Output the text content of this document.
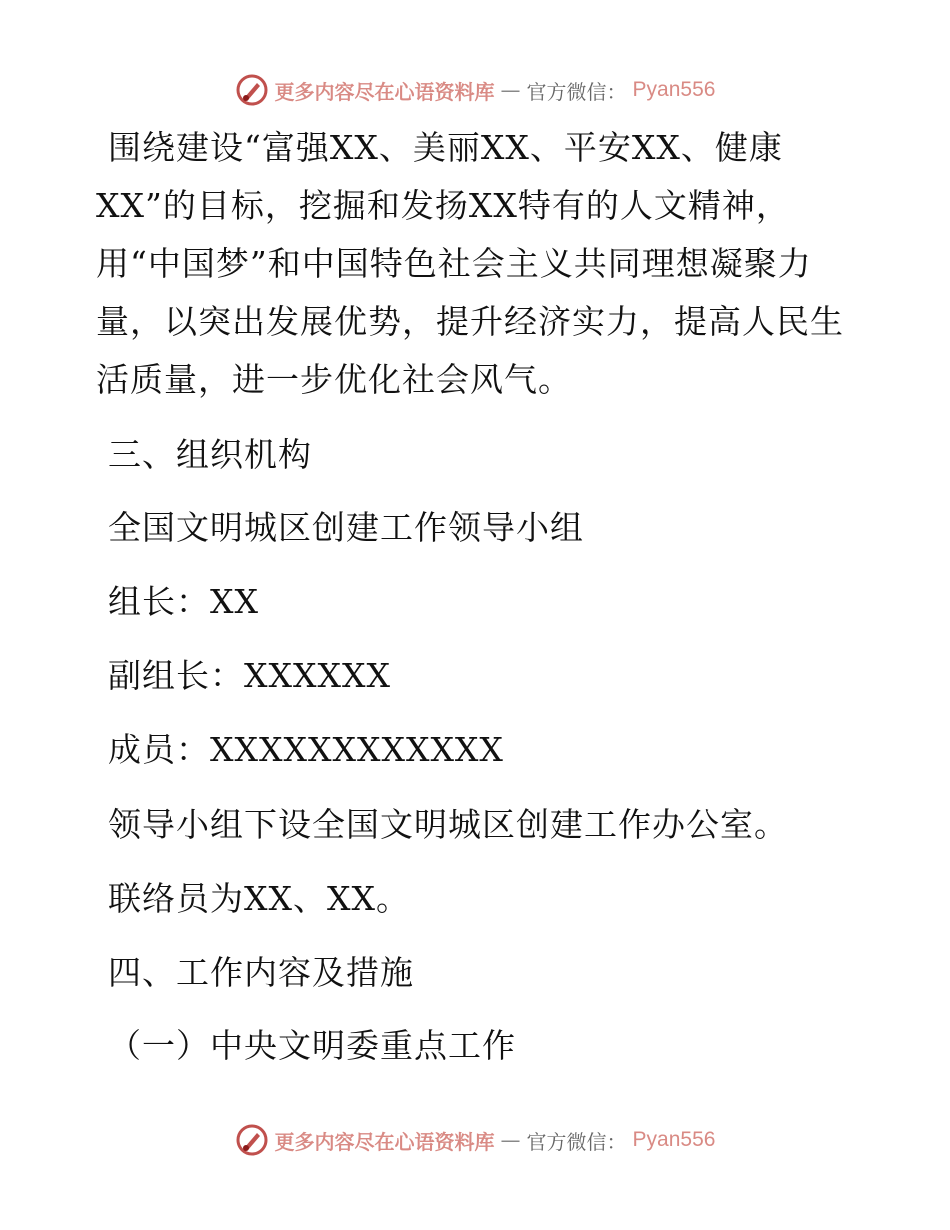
更多内容尽在心语资料库 — 官方微信： Pyan556
围绕建设“富强XX、美丽XX、平安XX、健康
XX”的目标，挖掘和发扬XX特有的人文精神，
用“中国梦”和中国特色社会主义共同理想凝聚力
量，以突出发展优势，提升经济实力，提高人民生
活质量，进一步优化社会风气。
三、组织机构
全国文明城区创建工作领导小组
组长：XX
副组长：XXXXXX
成员：XXXXXXXXXXXX
领导小组下设全国文明城区创建工作办公室。
联络员为XX、XX。
四、工作内容及措施
（一）中央文明委重点工作
更多内容尽在心语资料库 — 官方微信： Pyan556
